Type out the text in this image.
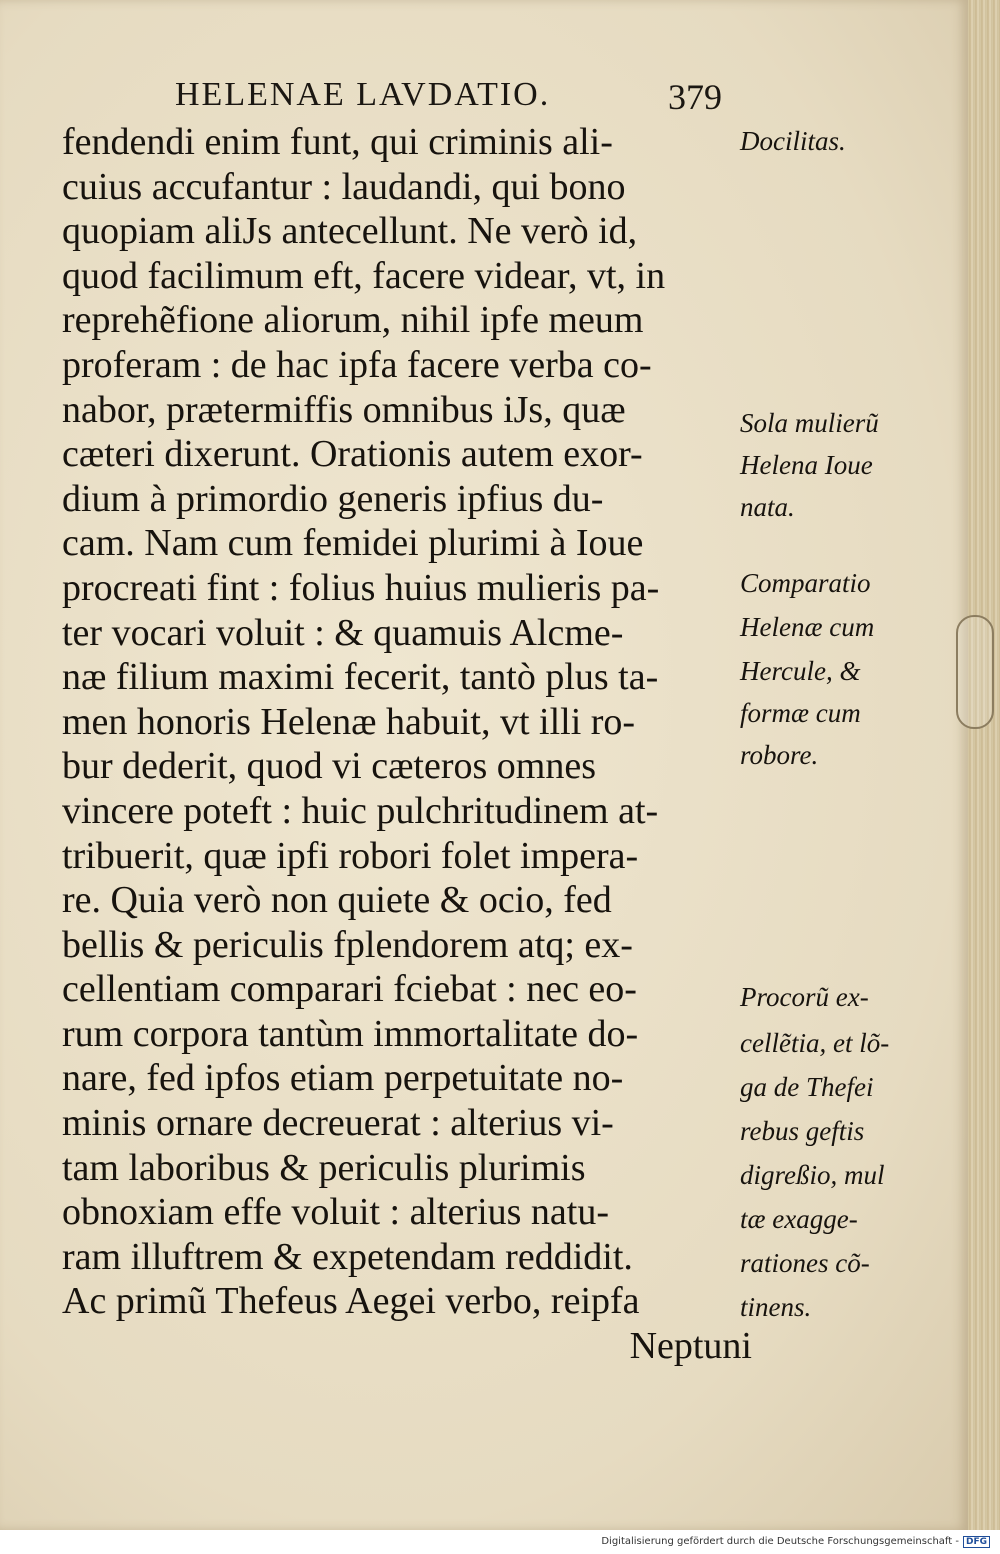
HELENAE LAVDATIO.	379
fendendi enim funt, qui criminis ali-
cuius accufantur : laudandi, qui bono
quopiam aliJs antecellunt. Ne verò id,
quod facilimum eft, facere videar, vt, in
reprehẽfione aliorum, nihil ipfe meum
proferam : de hac ipfa facere verba co-
nabor, prætermiffis omnibus iJs, quæ
cæteri dixerunt. Orationis autem exor-
dium à primordio generis ipfius du-
cam. Nam cum femidei plurimi à Ioue
procreati fint : folius huius mulieris pa-
ter vocari voluit : & quamuis Alcme-
næ filium maximi fecerit, tantò plus ta-
men honoris Helenæ habuit, vt illi ro-
bur dederit, quod vi cæteros omnes
vincere poteft : huic pulchritudinem at-
tribuerit, quæ ipfi robori folet impera-
re. Quia verò non quiete & ocio, fed
bellis & periculis fplendorem atq; ex-
cellentiam comparari fciebat : nec eo-
rum corpora tantùm immortalitate do-
nare, fed ipfos etiam perpetuitate no-
minis ornare decreuerat : alterius vi-
tam laboribus & periculis plurimis
obnoxiam effe voluit : alterius natu-
ram illuftrem & expetendam reddidit.
Ac primũ Thefeus Aegei verbo, reipfa
Neptuni
Docilitas.
Sola mulierũ
Helena Ioue
nata.
Comparatio
Helenæ cum
Hercule, &
formæ cum
robore.
Procorũ ex-
cellẽtia, et lõ-
ga de Thefei
rebus geftis
digreßio, mul
tæ exagge-
rationes cõ-
tinens.
Digitalisierung gefördert durch die Deutsche Forschungsgemeinschaft - DFG
